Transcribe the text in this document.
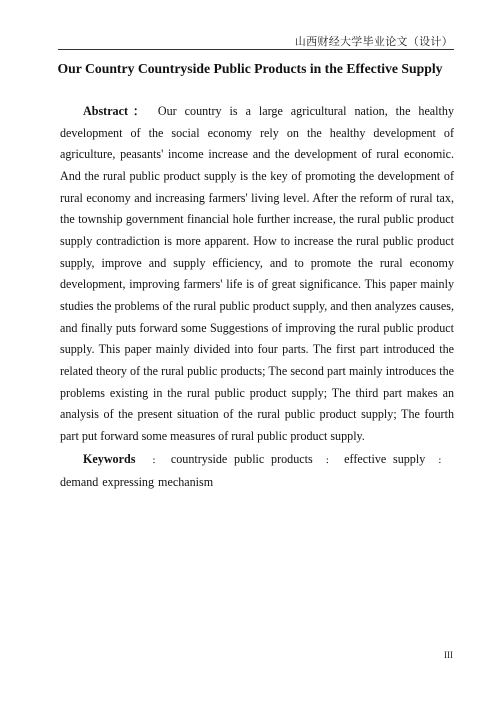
山西财经大学毕业论文（设计）
Our Country Countryside Public Products in the Effective Supply

Abstract： Our country is a large agricultural nation, the healthy development of the social economy rely on the healthy development of agriculture, peasants' income increase and the development of rural economic. And the rural public product supply is the key of promoting the development of rural economy and increasing farmers' living level. After the reform of rural tax, the township government financial hole further increase, the rural public product supply contradiction is more apparent. How to increase the rural public product supply, improve and supply efficiency, and to promote the rural economy development, improving farmers' life is of great significance. This paper mainly studies the problems of the rural public product supply, and then analyzes causes, and finally puts forward some Suggestions of improving the rural public product supply. This paper mainly divided into four parts. The first part introduced the related theory of the rural public products; The second part mainly introduces the problems existing in the rural public product supply; The third part makes an analysis of the present situation of the rural public product supply; The fourth part put forward some measures of rural public product supply.

Keywords ： countryside public products ： effective supply ：demand expressing mechanism

III
